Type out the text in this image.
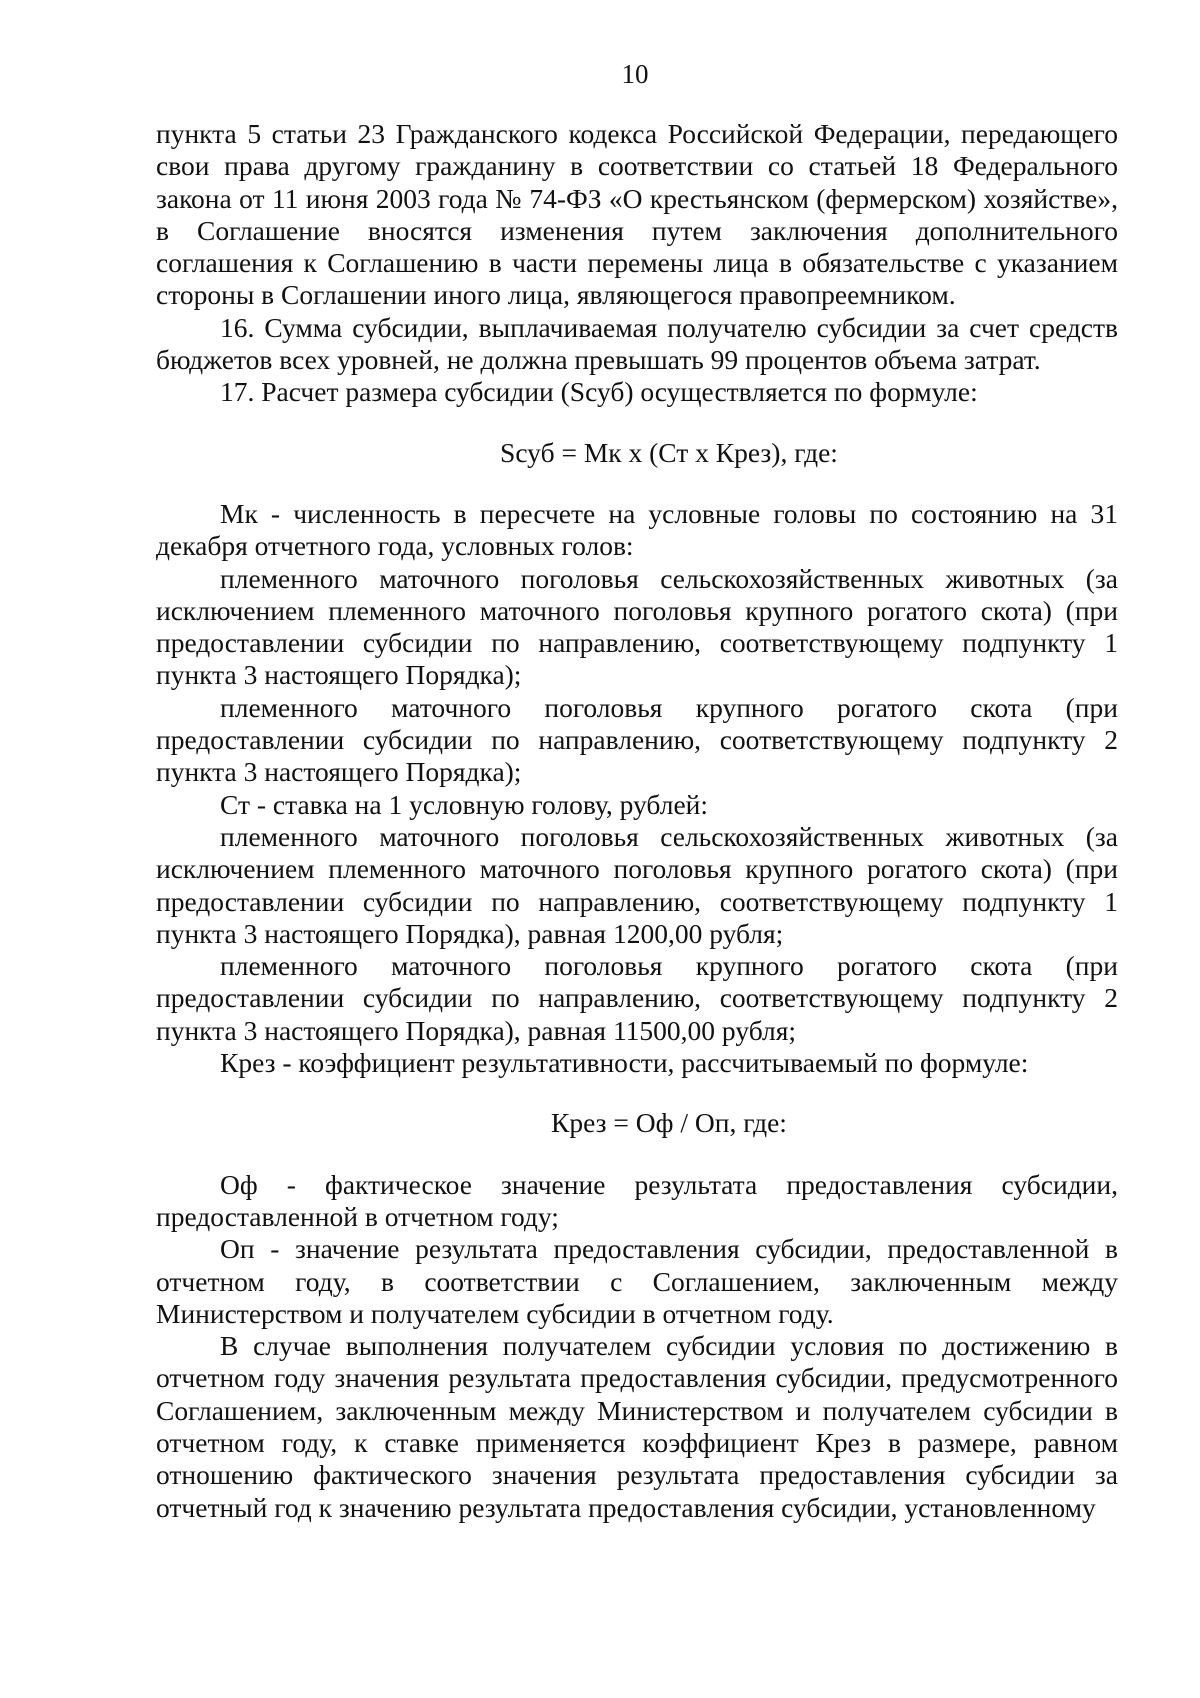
10

пункта 5 статьи 23 Гражданского кодекса Российской Федерации, передающего свои права другому гражданину в соответствии со статьей 18 Федерального закона от 11 июня 2003 года № 74-ФЗ «О крестьянском (фермерском) хозяйстве», в Соглашение вносятся изменения путем заключения дополнительного соглашения к Соглашению в части перемены лица в обязательстве с указанием стороны в Соглашении иного лица, являющегося правопреемником.

16. Сумма субсидии, выплачиваемая получателю субсидии за счет средств бюджетов всех уровней, не должна превышать 99 процентов объема затрат.

17. Расчет размера субсидии (Sсуб) осуществляется по формуле:

Sсуб = Мк х (Ст х Крез), где:

Мк - численность в пересчете на условные головы по состоянию на 31 декабря отчетного года, условных голов:

племенного маточного поголовья сельскохозяйственных животных (за исключением племенного маточного поголовья крупного рогатого скота) (при предоставлении субсидии по направлению, соответствующему подпункту 1 пункта 3 настоящего Порядка);

племенного маточного поголовья крупного рогатого скота (при предоставлении субсидии по направлению, соответствующему подпункту 2 пункта 3 настоящего Порядка);

Ст - ставка на 1 условную голову, рублей:

племенного маточного поголовья сельскохозяйственных животных (за исключением племенного маточного поголовья крупного рогатого скота) (при предоставлении субсидии по направлению, соответствующему подпункту 1 пункта 3 настоящего Порядка), равная 1200,00 рубля;

племенного маточного поголовья крупного рогатого скота (при предоставлении субсидии по направлению, соответствующему подпункту 2 пункта 3 настоящего Порядка), равная 11500,00 рубля;

Крез - коэффициент результативности, рассчитываемый по формуле:

Крез = Оф / Оп, где:

Оф - фактическое значение результата предоставления субсидии, предоставленной в отчетном году;

Оп - значение результата предоставления субсидии, предоставленной в отчетном году, в соответствии с Соглашением, заключенным между Министерством и получателем субсидии в отчетном году.

В случае выполнения получателем субсидии условия по достижению в отчетном году значения результата предоставления субсидии, предусмотренного Соглашением, заключенным между Министерством и получателем субсидии в отчетном году, к ставке применяется коэффициент Крез в размере, равном отношению фактического значения результата предоставления субсидии за отчетный год к значению результата предоставления субсидии, установленному
